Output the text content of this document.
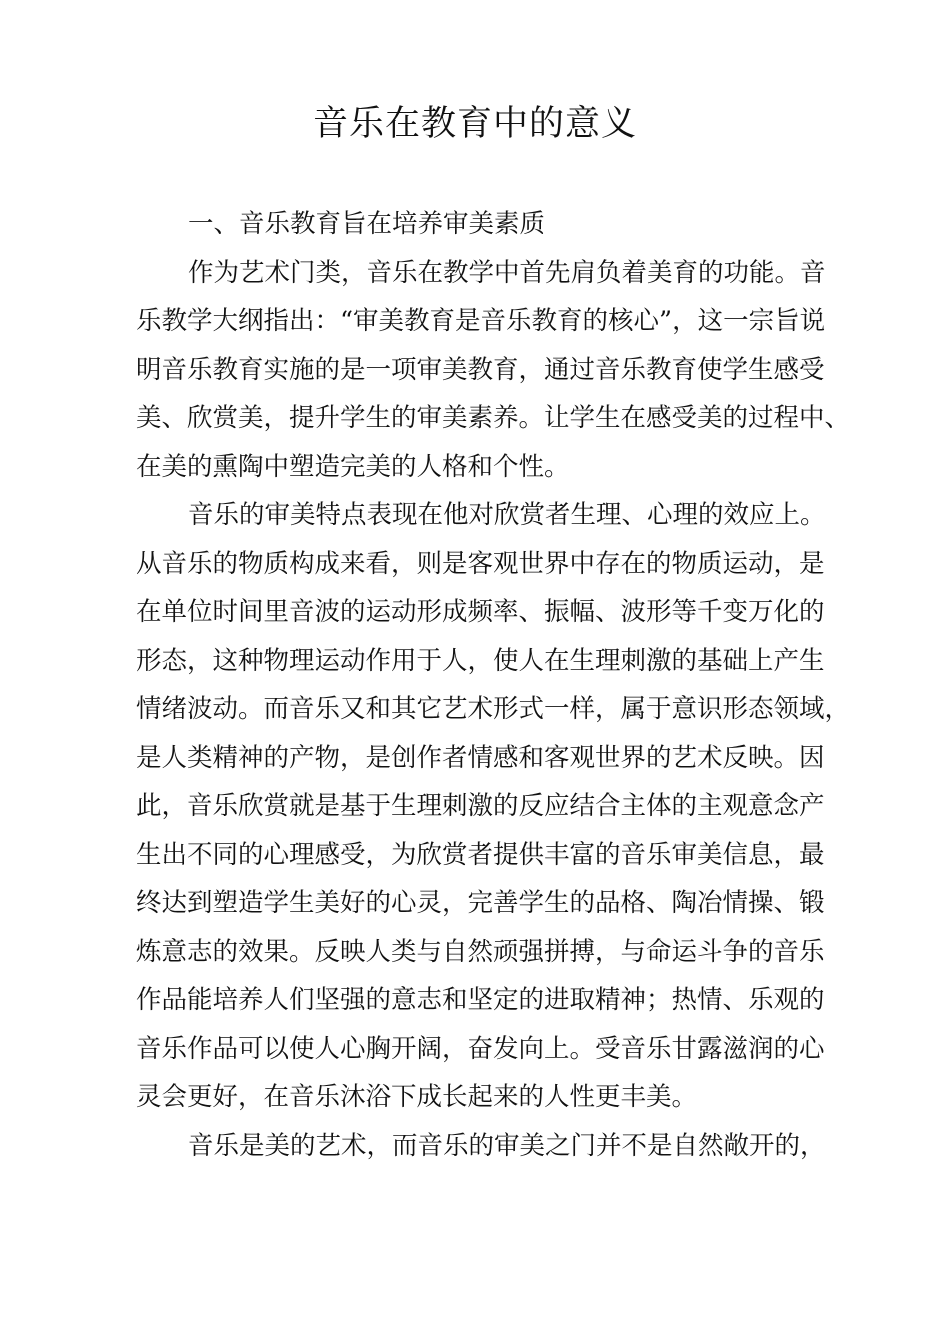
音乐在教育中的意义
一、音乐教育旨在培养审美素质
作为艺术门类，音乐在教学中首先肩负着美育的功能。音
乐教学大纲指出：“审美教育是音乐教育的核心”，这一宗旨说
明音乐教育实施的是一项审美教育，通过音乐教育使学生感受
美、欣赏美，提升学生的审美素养。让学生在感受美的过程中、
在美的熏陶中塑造完美的人格和个性。
音乐的审美特点表现在他对欣赏者生理、心理的效应上。
从音乐的物质构成来看，则是客观世界中存在的物质运动，是
在单位时间里音波的运动形成频率、振幅、波形等千变万化的
形态，这种物理运动作用于人，使人在生理刺激的基础上产生
情绪波动。而音乐又和其它艺术形式一样，属于意识形态领域，
是人类精神的产物，是创作者情感和客观世界的艺术反映。因
此，音乐欣赏就是基于生理刺激的反应结合主体的主观意念产
生出不同的心理感受，为欣赏者提供丰富的音乐审美信息，最
终达到塑造学生美好的心灵，完善学生的品格、陶冶情操、锻
炼意志的效果。反映人类与自然顽强拼搏，与命运斗争的音乐
作品能培养人们坚强的意志和坚定的进取精神；热情、乐观的
音乐作品可以使人心胸开阔，奋发向上。受音乐甘露滋润的心
灵会更好，在音乐沐浴下成长起来的人性更丰美。
音乐是美的艺术，而音乐的审美之门并不是自然敞开的，
